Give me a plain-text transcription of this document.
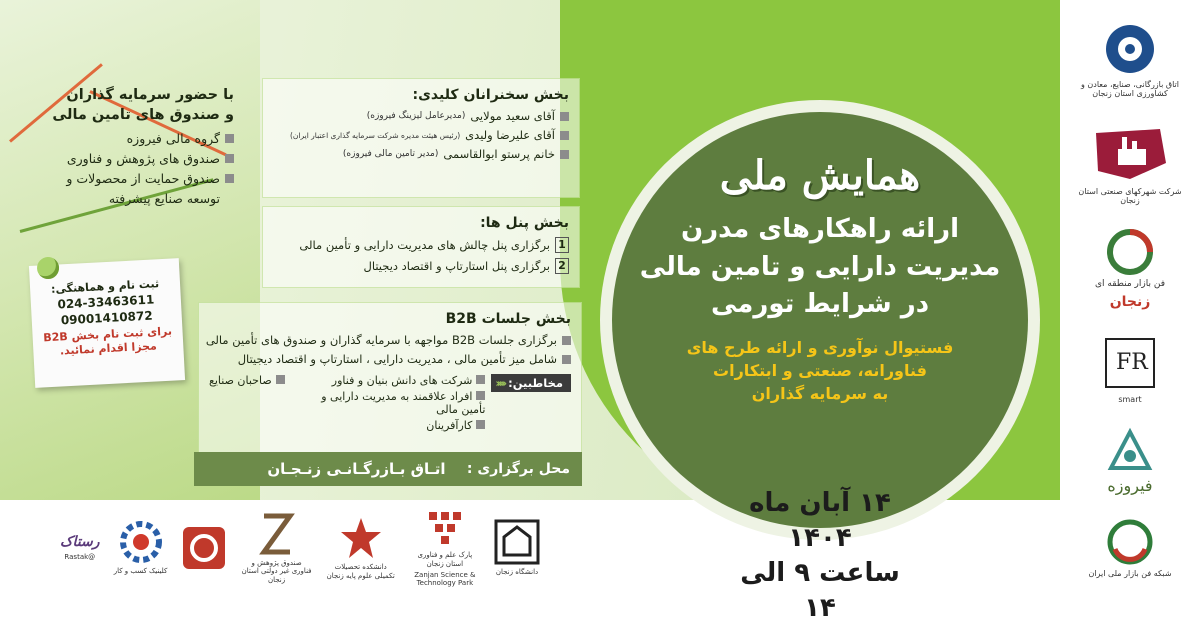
با حضور سرمایه گذاران
و صندوق های تامین مالی
گروه مالی فیروزه
صندوق های پژوهش و فناوری
صندوق حمایت از محصولات و
توسعه صنایع پیشرفته
ثبت نام و هماهنگی:
024-33463611
09001410872
برای ثبت نام بخش B2B
مجزا اقدام نمائید.
بخش سخنرانان کلیدی:
آقای سعید مولایی
(مدیرعامل لیزینگ فیروزه)
آقای علیرضا ولیدی
(رئیس هیئت مدیره شرکت سرمایه گذاری اعتبار ایران)
خانم پرستو ابوالقاسمی
(مدیر تامین مالی فیروزه)
بخش پنل ها:
1
برگزاری پنل چالش های مدیریت دارایی و تأمین مالی
2
برگزاری پنل استارتاپ و اقتصاد دیجیتال
بخش جلسات B2B
برگزاری جلسات B2B مواجهه با سرمایه گذاران و صندوق های تأمین مالی
شامل میز تأمین مالی ، مدیریت دارایی ، استارتاپ و اقتصاد دیجیتال
مخاطبین:
‹‹‹‹‹
شرکت های دانش بنیان و فناور
صاحبان صنایع
افراد علاقمند به مدیریت دارایی و تأمین مالی
کارآفرینان
محل برگزاری :
اتـاق بـازرگـانـی زنـجـان
همایش ملی
ارائه راهکارهای مدرن
مدیریت دارایی و تامین مالی
در شرایط تورمی
فستیوال نوآوری و ارائه طرح های
فناورانه، صنعتی و ابتکارات
به سرمایه گذاران
۱۴ آبان ماه ۱۴۰۴
ساعت ۹ الی ۱۴
دانشگاه زنجان
پارک علم و فناوری استان زنجان
Zanjan Science & Technology Park
دانشکده تحصیلات تکمیلی علوم پایه زنجان
صندوق پژوهش و فناوری غیر دولتی استان زنجان
کلینیک کسب و کار
رستاک
@Rastak
اتاق بازرگانی، صنایع، معادن و کشاورزی استان زنجان
شرکت شهرکهای صنعتی استان زنجان
فن بازار منطقه ای
زنجان
FR
smart
فیروزه
شبکه فن بازار ملی ایران
